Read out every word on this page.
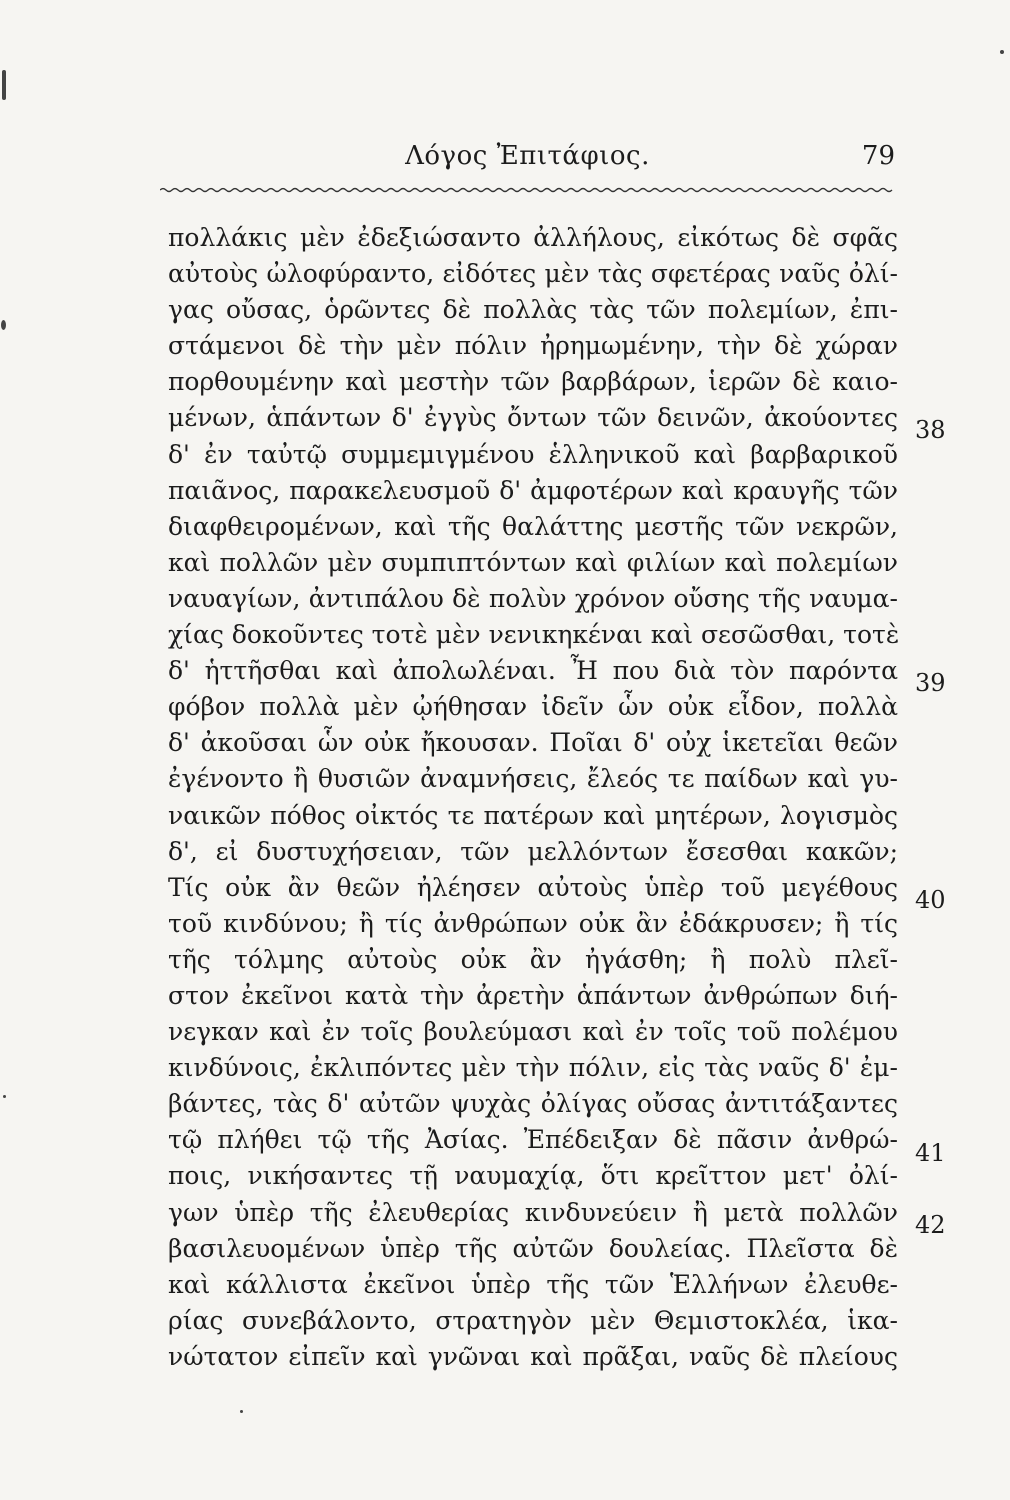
Λόγος Ἐπιτάφιος.	79
πολλάκις μὲν ἐδεξιώσαντο ἀλλήλους, εἰκότως δὲ σφᾶς
αὐτοὺς ὠλοφύραντο, εἰδότες μὲν τὰς σφετέρας ναῦς ὀλί-
γας οὔσας, ὁρῶντες δὲ πολλὰς τὰς τῶν πολεμίων, ἐπι-
στάμενοι δὲ τὴν μὲν πόλιν ἠρημωμένην, τὴν δὲ χώραν
πορθουμένην καὶ μεστὴν τῶν βαρβάρων, ἱερῶν δὲ καιο-
μένων, ἁπάντων δ' ἐγγὺς ὄντων τῶν δεινῶν, ἀκούοντες
δ' ἐν ταὐτῷ συμμεμιγμένου ἑλληνικοῦ καὶ βαρβαρικοῦ
παιᾶνος, παρακελευσμοῦ δ' ἀμφοτέρων καὶ κραυγῆς τῶν
διαφθειρομένων, καὶ τῆς θαλάττης μεστῆς τῶν νεκρῶν,
καὶ πολλῶν μὲν συμπιπτόντων καὶ φιλίων καὶ πολεμίων
ναυαγίων, ἀντιπάλου δὲ πολὺν χρόνον οὔσης τῆς ναυμα-
χίας δοκοῦντες τοτὲ μὲν νενικηκέναι καὶ σεσῶσθαι, τοτὲ
δ' ἡττῆσθαι καὶ ἀπολωλέναι. Ἦ που διὰ τὸν παρόντα
φόβον πολλὰ μὲν ᾠήθησαν ἰδεῖν ὧν οὐκ εἶδον, πολλὰ
δ' ἀκοῦσαι ὧν οὐκ ἤκουσαν. Ποῖαι δ' οὐχ ἱκετεῖαι θεῶν
ἐγένοντο ἢ θυσιῶν ἀναμνήσεις, ἔλεός τε παίδων καὶ γυ-
ναικῶν πόθος οἰκτός τε πατέρων καὶ μητέρων, λογισμὸς
δ', εἰ δυστυχήσειαν, τῶν μελλόντων ἔσεσθαι κακῶν;
Τίς οὐκ ἂν θεῶν ἠλέησεν αὐτοὺς ὑπὲρ τοῦ μεγέθους
τοῦ κινδύνου; ἢ τίς ἀνθρώπων οὐκ ἂν ἐδάκρυσεν; ἢ τίς
τῆς τόλμης αὐτοὺς οὐκ ἂν ἠγάσθη; ἢ πολὺ πλεῖ-
στον ἐκεῖνοι κατὰ τὴν ἀρετὴν ἁπάντων ἀνθρώπων διή-
νεγκαν καὶ ἐν τοῖς βουλεύμασι καὶ ἐν τοῖς τοῦ πολέμου
κινδύνοις, ἐκλιπόντες μὲν τὴν πόλιν, εἰς τὰς ναῦς δ' ἐμ-
βάντες, τὰς δ' αὐτῶν ψυχὰς ὀλίγας οὔσας ἀντιτάξαντες
τῷ πλήθει τῷ τῆς Ἀσίας. Ἐπέδειξαν δὲ πᾶσιν ἀνθρώ-
ποις, νικήσαντες τῇ ναυμαχίᾳ, ὅτι κρεῖττον μετ' ὀλί-
γων ὑπὲρ τῆς ἐλευθερίας κινδυνεύειν ἢ μετὰ πολλῶν
βασιλευομένων ὑπὲρ τῆς αὐτῶν δουλείας. Πλεῖστα δὲ
καὶ κάλλιστα ἐκεῖνοι ὑπὲρ τῆς τῶν Ἑλλήνων ἐλευθε-
ρίας συνεβάλοντο, στρατηγὸν μὲν Θεμιστοκλέα, ἱκα-
νώτατον εἰπεῖν καὶ γνῶναι καὶ πρᾶξαι, ναῦς δὲ πλείους
38
39
40
41
42
